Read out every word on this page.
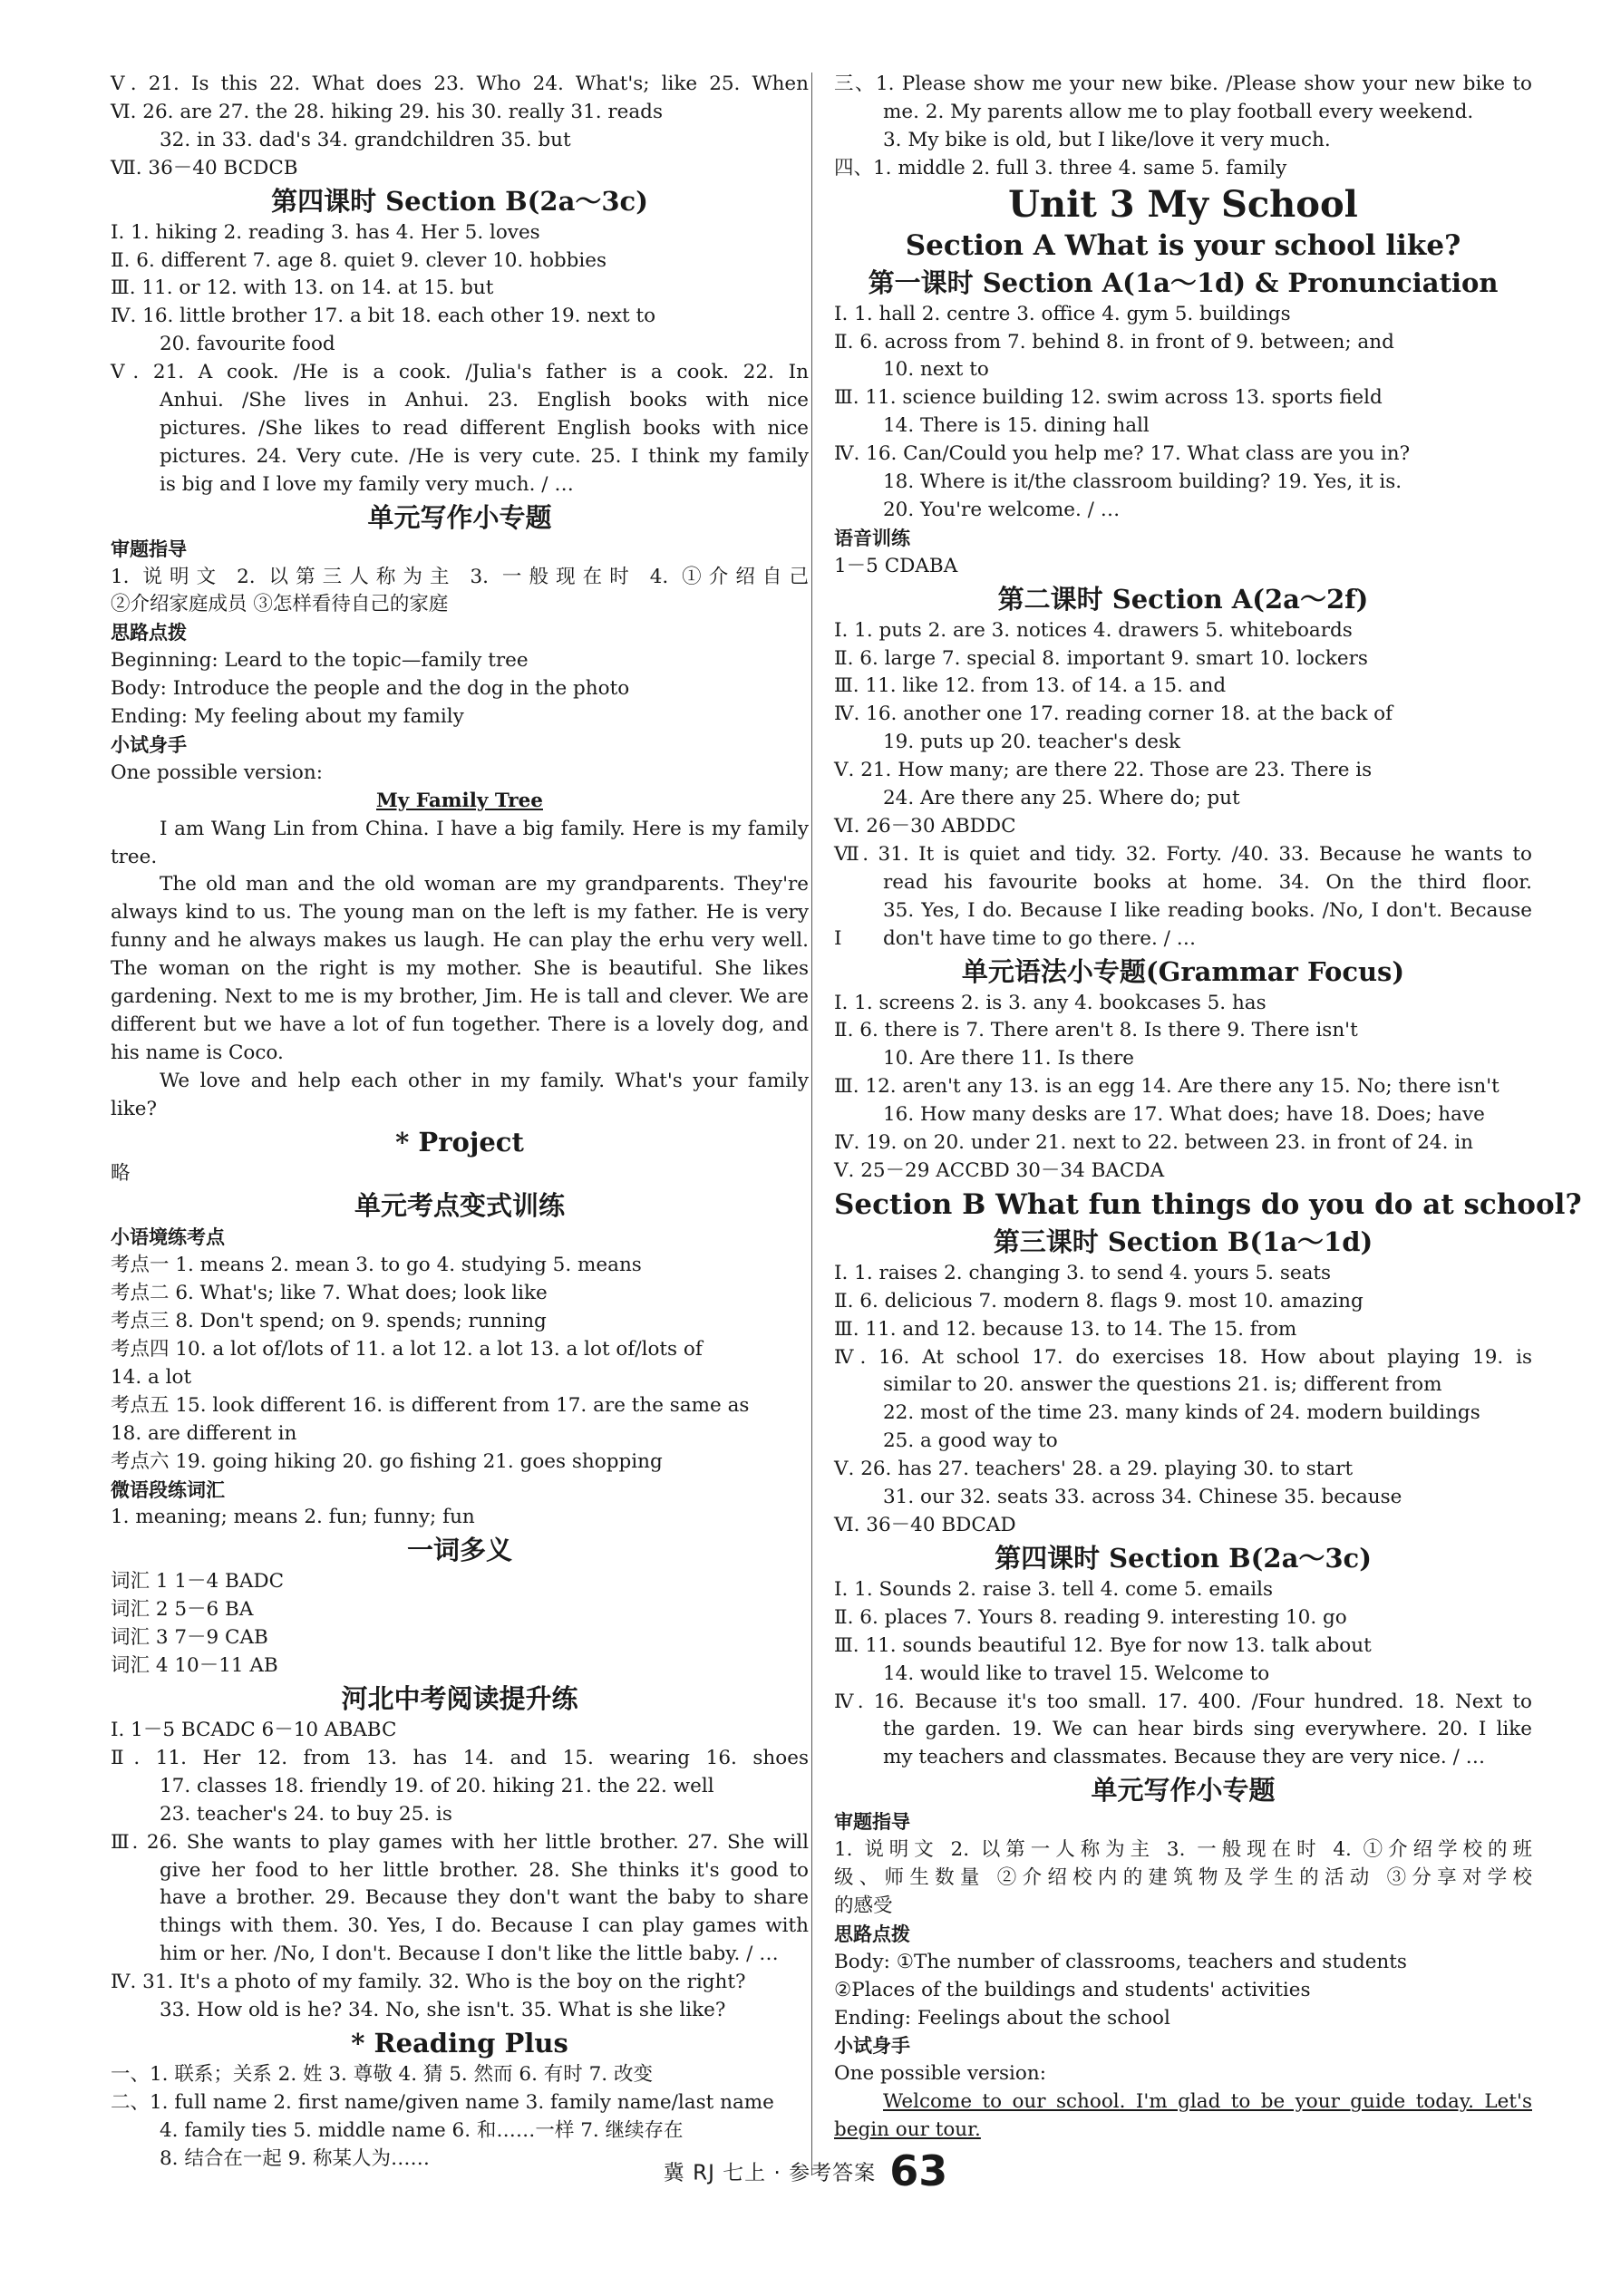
Ⅴ. 21. Is this 22. What does 23. Who 24. What's; like 25. When
Ⅵ. 26. are 27. the 28. hiking 29. his 30. really 31. reads
32. in 33. dad's 34. grandchildren 35. but
Ⅶ. 36－40 BCDCB
第四课时 Section B(2a～3c)
Ⅰ. 1. hiking 2. reading 3. has 4. Her 5. loves
Ⅱ. 6. different 7. age 8. quiet 9. clever 10. hobbies
Ⅲ. 11. or 12. with 13. on 14. at 15. but
Ⅳ. 16. little brother 17. a bit 18. each other 19. next to
20. favourite food
Ⅴ. 21. A cook. /He is a cook. /Julia's father is a cook. 22. In
Anhui. /She lives in Anhui. 23. English books with nice
pictures. /She likes to read different English books with nice
pictures. 24. Very cute. /He is very cute. 25. I think my family
is big and I love my family very much. / …
单元写作小专题
审题指导
1. 说明文 2. 以第三人称为主 3. 一般现在时 4. ①介绍自己
②介绍家庭成员 ③怎样看待自己的家庭
思路点拨
Beginning: Leard to the topic—family tree
Body: Introduce the people and the dog in the photo
Ending: My feeling about my family
小试身手
One possible version:
My Family Tree
I am Wang Lin from China. I have a big family. Here is my family
tree.
The old man and the old woman are my grandparents. They're
always kind to us. The young man on the left is my father. He is very
funny and he always makes us laugh. He can play the erhu very well.
The woman on the right is my mother. She is beautiful. She likes
gardening. Next to me is my brother, Jim. He is tall and clever. We are
different but we have a lot of fun together. There is a lovely dog, and
his name is Coco.
We love and help each other in my family. What's your family
like?
* Project
略
单元考点变式训练
小语境练考点
考点一 1. means 2. mean 3. to go 4. studying 5. means
考点二 6. What's; like 7. What does; look like
考点三 8. Don't spend; on 9. spends; running
考点四 10. a lot of/lots of 11. a lot 12. a lot 13. a lot of/lots of
14. a lot
考点五 15. look different 16. is different from 17. are the same as
18. are different in
考点六 19. going hiking 20. go fishing 21. goes shopping
微语段练词汇
1. meaning; means 2. fun; funny; fun
一词多义
词汇 1 1－4 BADC
词汇 2 5－6 BA
词汇 3 7－9 CAB
词汇 4 10－11 AB
河北中考阅读提升练
Ⅰ. 1－5 BCADC 6－10 ABABC
Ⅱ. 11. Her 12. from 13. has 14. and 15. wearing 16. shoes
17. classes 18. friendly 19. of 20. hiking 21. the 22. well
23. teacher's 24. to buy 25. is
Ⅲ. 26. She wants to play games with her little brother. 27. She will
give her food to her little brother. 28. She thinks it's good to
have a brother. 29. Because they don't want the baby to share
things with them. 30. Yes, I do. Because I can play games with
him or her. /No, I don't. Because I don't like the little baby. / …
Ⅳ. 31. It's a photo of my family. 32. Who is the boy on the right?
33. How old is he? 34. No, she isn't. 35. What is she like?
* Reading Plus
一、1. 联系；关系 2. 姓 3. 尊敬 4. 猜 5. 然而 6. 有时 7. 改变
二、1. full name 2. first name/given name 3. family name/last name
4. family ties 5. middle name 6. 和……一样 7. 继续存在
8. 结合在一起 9. 称某人为……
三、1. Please show me your new bike. /Please show your new bike to
me. 2. My parents allow me to play football every weekend.
3. My bike is old, but I like/love it very much.
四、1. middle 2. full 3. three 4. same 5. family
Unit 3 My School
Section A What is your school like?
第一课时 Section A(1a～1d) & Pronunciation
Ⅰ. 1. hall 2. centre 3. office 4. gym 5. buildings
Ⅱ. 6. across from 7. behind 8. in front of 9. between; and
10. next to
Ⅲ. 11. science building 12. swim across 13. sports field
14. There is 15. dining hall
Ⅳ. 16. Can/Could you help me? 17. What class are you in?
18. Where is it/the classroom building? 19. Yes, it is.
20. You're welcome. / …
语音训练
1－5 CDABA
第二课时 Section A(2a～2f)
Ⅰ. 1. puts 2. are 3. notices 4. drawers 5. whiteboards
Ⅱ. 6. large 7. special 8. important 9. smart 10. lockers
Ⅲ. 11. like 12. from 13. of 14. a 15. and
Ⅳ. 16. another one 17. reading corner 18. at the back of
19. puts up 20. teacher's desk
Ⅴ. 21. How many; are there 22. Those are 23. There is
24. Are there any 25. Where do; put
Ⅵ. 26－30 ABDDC
Ⅶ. 31. It is quiet and tidy. 32. Forty. /40. 33. Because he wants to
read his favourite books at home. 34. On the third floor.
35. Yes, I do. Because I like reading books. /No, I don't. Because I	don't have time to go there. / …
单元语法小专题(Grammar Focus)
Ⅰ. 1. screens 2. is 3. any 4. bookcases 5. has
Ⅱ. 6. there is 7. There aren't 8. Is there 9. There isn't
10. Are there 11. Is there
Ⅲ. 12. aren't any 13. is an egg 14. Are there any 15. No; there isn't
16. How many desks are 17. What does; have 18. Does; have
Ⅳ. 19. on 20. under 21. next to 22. between 23. in front of 24. in
Ⅴ. 25－29 ACCBD 30－34 BACDA
Section B What fun things do you do at school?
第三课时 Section B(1a～1d)
Ⅰ. 1. raises 2. changing 3. to send 4. yours 5. seats
Ⅱ. 6. delicious 7. modern 8. flags 9. most 10. amazing
Ⅲ. 11. and 12. because 13. to 14. The 15. from
Ⅳ. 16. At school 17. do exercises 18. How about playing 19. is
similar to 20. answer the questions 21. is; different from
22. most of the time 23. many kinds of 24. modern buildings
25. a good way to
Ⅴ. 26. has 27. teachers' 28. a 29. playing 30. to start
31. our 32. seats 33. across 34. Chinese 35. because
Ⅵ. 36－40 BDCAD
第四课时 Section B(2a～3c)
Ⅰ. 1. Sounds 2. raise 3. tell 4. come 5. emails
Ⅱ. 6. places 7. Yours 8. reading 9. interesting 10. go
Ⅲ. 11. sounds beautiful 12. Bye for now 13. talk about
14. would like to travel 15. Welcome to
Ⅳ. 16. Because it's too small. 17. 400. /Four hundred. 18. Next to
the garden. 19. We can hear birds sing everywhere. 20. I like
my teachers and classmates. Because they are very nice. / …
单元写作小专题
审题指导
1. 说明文 2. 以第一人称为主 3. 一般现在时 4. ①介绍学校的班
级、师生数量 ②介绍校内的建筑物及学生的活动 ③分享对学校
的感受
思路点拨
Body: ①The number of classrooms, teachers and students
②Places of the buildings and students' activities
Ending: Feelings about the school
小试身手
One possible version:
Welcome to our school. I'm glad to be your guide today. Let's
begin our tour.
冀 RJ 七上 · 参考答案 63
